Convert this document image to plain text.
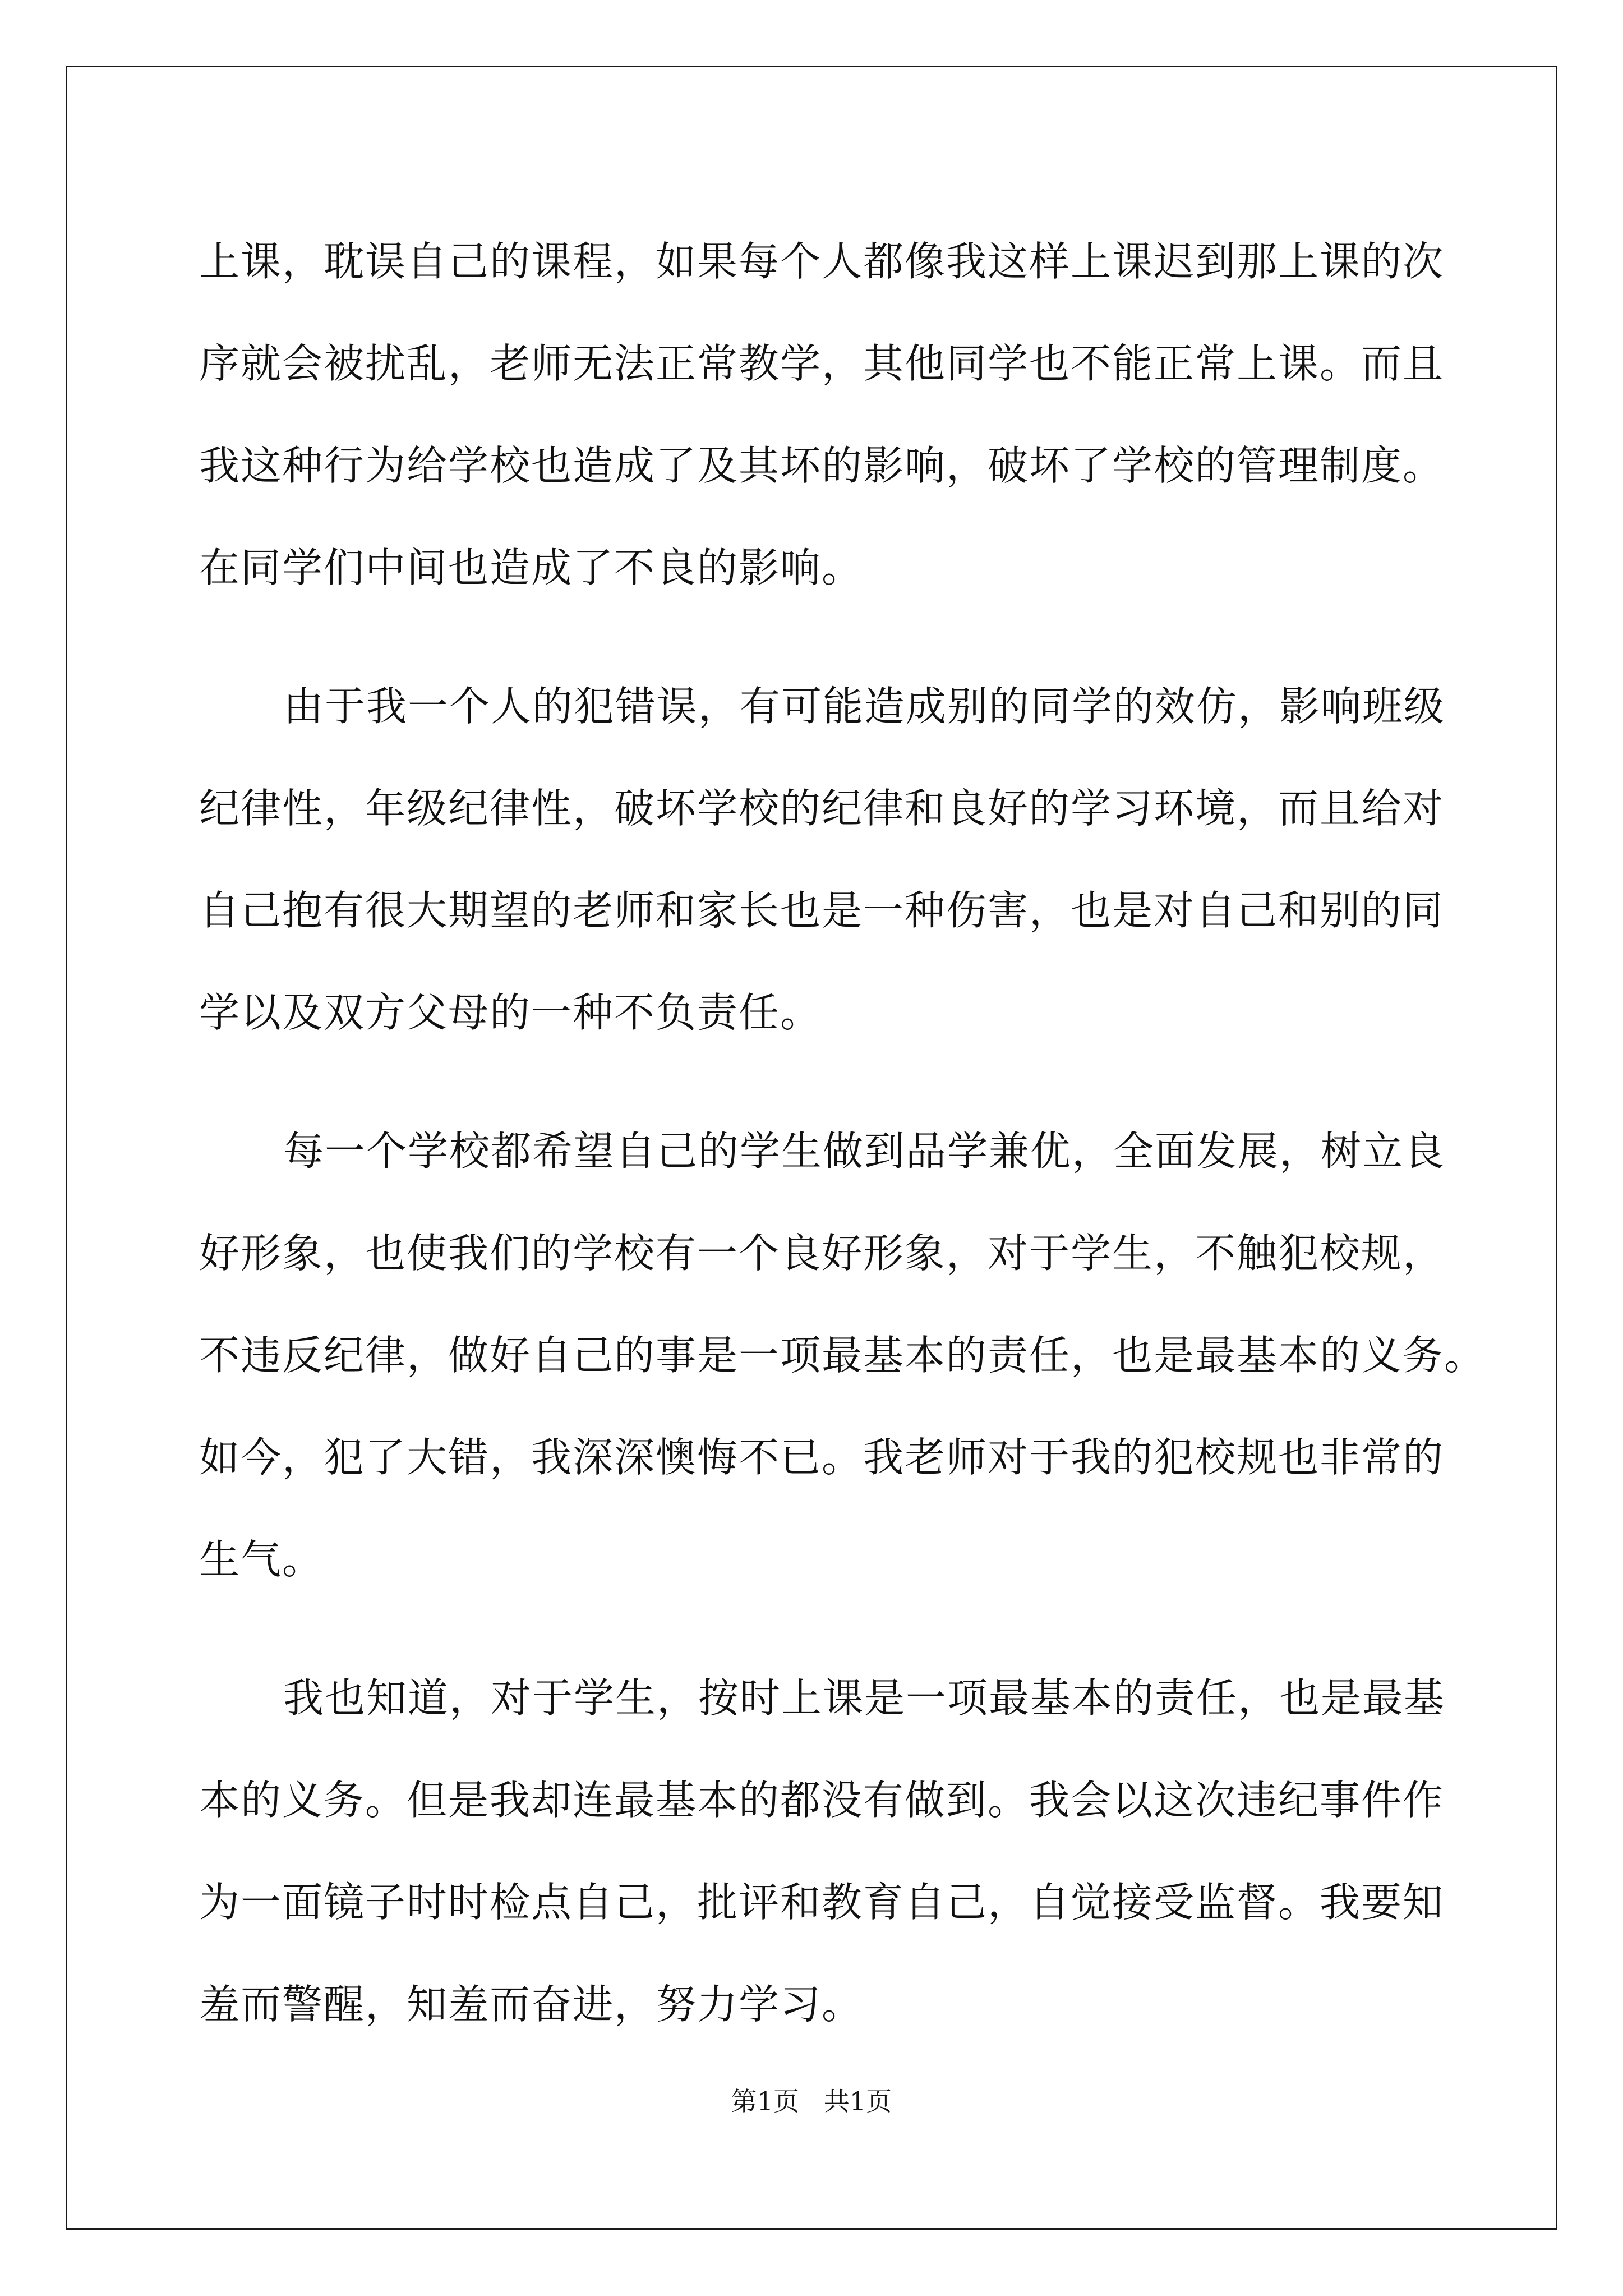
上课，耽误自己的课程，如果每个人都像我这样上课迟到那上课的次
序就会被扰乱，老师无法正常教学，其他同学也不能正常上课。而且
我这种行为给学校也造成了及其坏的影响，破坏了学校的管理制度。
在同学们中间也造成了不良的影响。
由于我一个人的犯错误，有可能造成别的同学的效仿，影响班级
纪律性，年级纪律性，破坏学校的纪律和良好的学习环境，而且给对
自己抱有很大期望的老师和家长也是一种伤害，也是对自己和别的同
学以及双方父母的一种不负责任。
每一个学校都希望自己的学生做到品学兼优，全面发展，树立良
好形象，也使我们的学校有一个良好形象，对于学生，不触犯校规，
不违反纪律，做好自己的事是一项最基本的责任，也是最基本的义务。
如今，犯了大错，我深深懊悔不已。我老师对于我的犯校规也非常的
生气。
我也知道，对于学生，按时上课是一项最基本的责任，也是最基
本的义务。但是我却连最基本的都没有做到。我会以这次违纪事件作
为一面镜子时时检点自己，批评和教育自己，自觉接受监督。我要知
羞而警醒，知羞而奋进，努力学习。
第1页   共1页
